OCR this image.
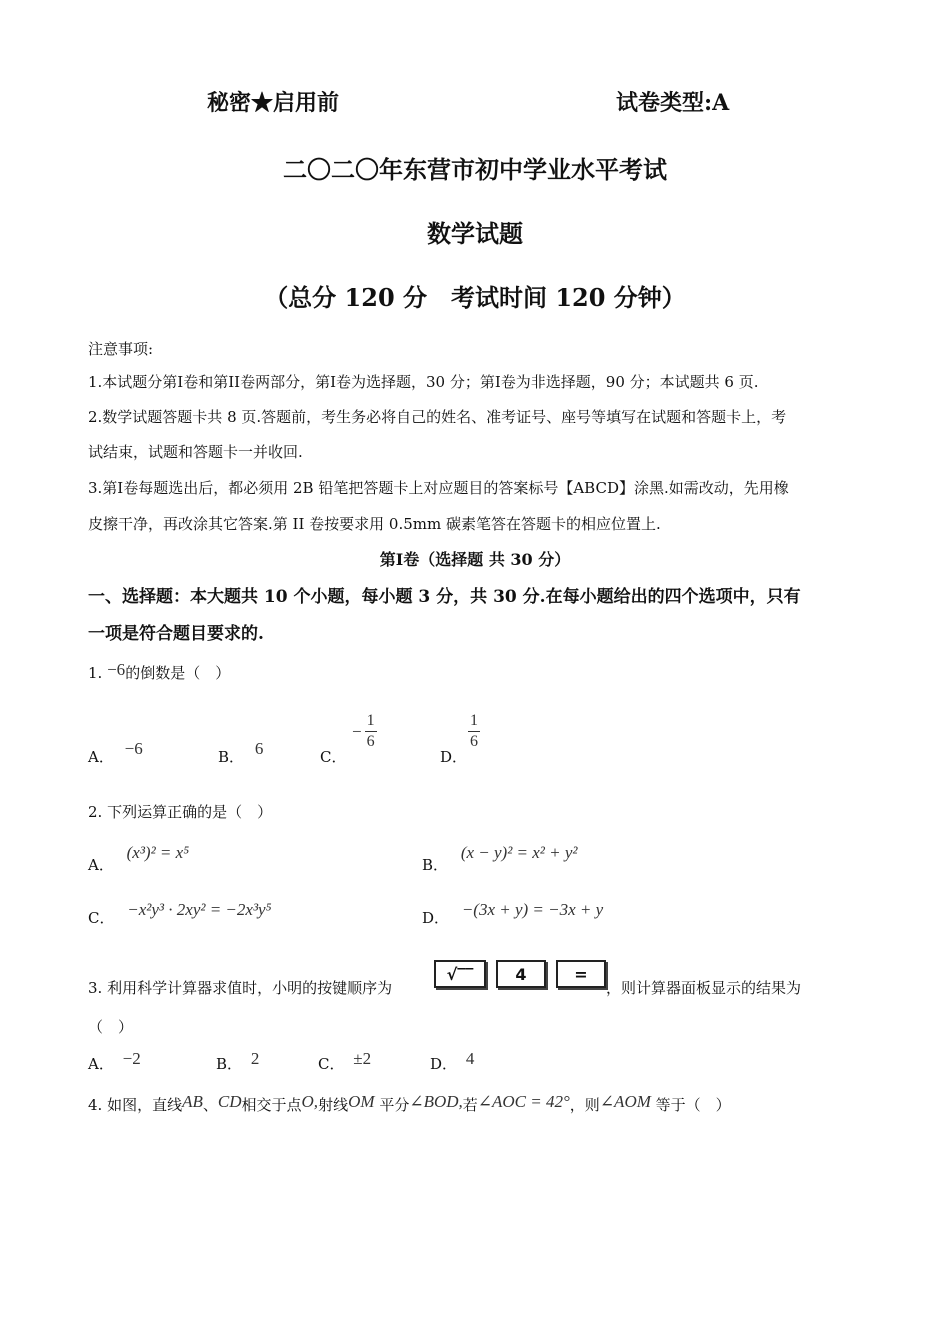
秘密★启用前	试卷类型:A
二〇二〇年东营市初中学业水平考试
数学试题
（总分 120 分　考试时间 120 分钟）
注意事项:
1.本试题分第Ⅰ卷和第II卷两部分，第Ⅰ卷为选择题，30 分；第Ⅰ卷为非选择题，90 分；本试题共 6 页.
2.数学试题答题卡共 8 页.答题前，考生务必将自己的姓名、准考证号、座号等填写在试题和答题卡上，考
试结束，试题和答题卡一并收回.
3.第Ⅰ卷每题选出后，都必须用 2B 铅笔把答题卡上对应题目的答案标号【ABCD】涂黑.如需改动，先用橡
皮擦干净，再改涂其它答案.第 II 卷按要求用 0.5mm 碳素笔答在答题卡的相应位置上.
第Ⅰ卷（选择题 共 30 分）
一、选择题：本大题共 10 个小题，每小题 3 分，共 30 分.在每小题给出的四个选项中，只有
一项是符合题目要求的.
1. −6的倒数是（　）
A． −6	B． 6	C．
− $\frac{1}{6}$
D．
$\frac{1}{6}$
2. 下列运算正确的是（　）
A． (x³)² = x⁵
B． (x − y)² = x² + y²
C． −x²y³ · 2xy² = −2x³y⁵	D． −(3x + y) = −3x + y
3. 利用科学计算器求值时，小明的按键顺序为
√‾‾	4	=
，则计算器面板显示的结果为
（　）
A． −2	B． 2	C． ±2	D． 4
4. 如图，直线AB、CD相交于点O,射线OM 平分∠BOD,若∠AOC = 42°，则∠AOM 等于（　）
